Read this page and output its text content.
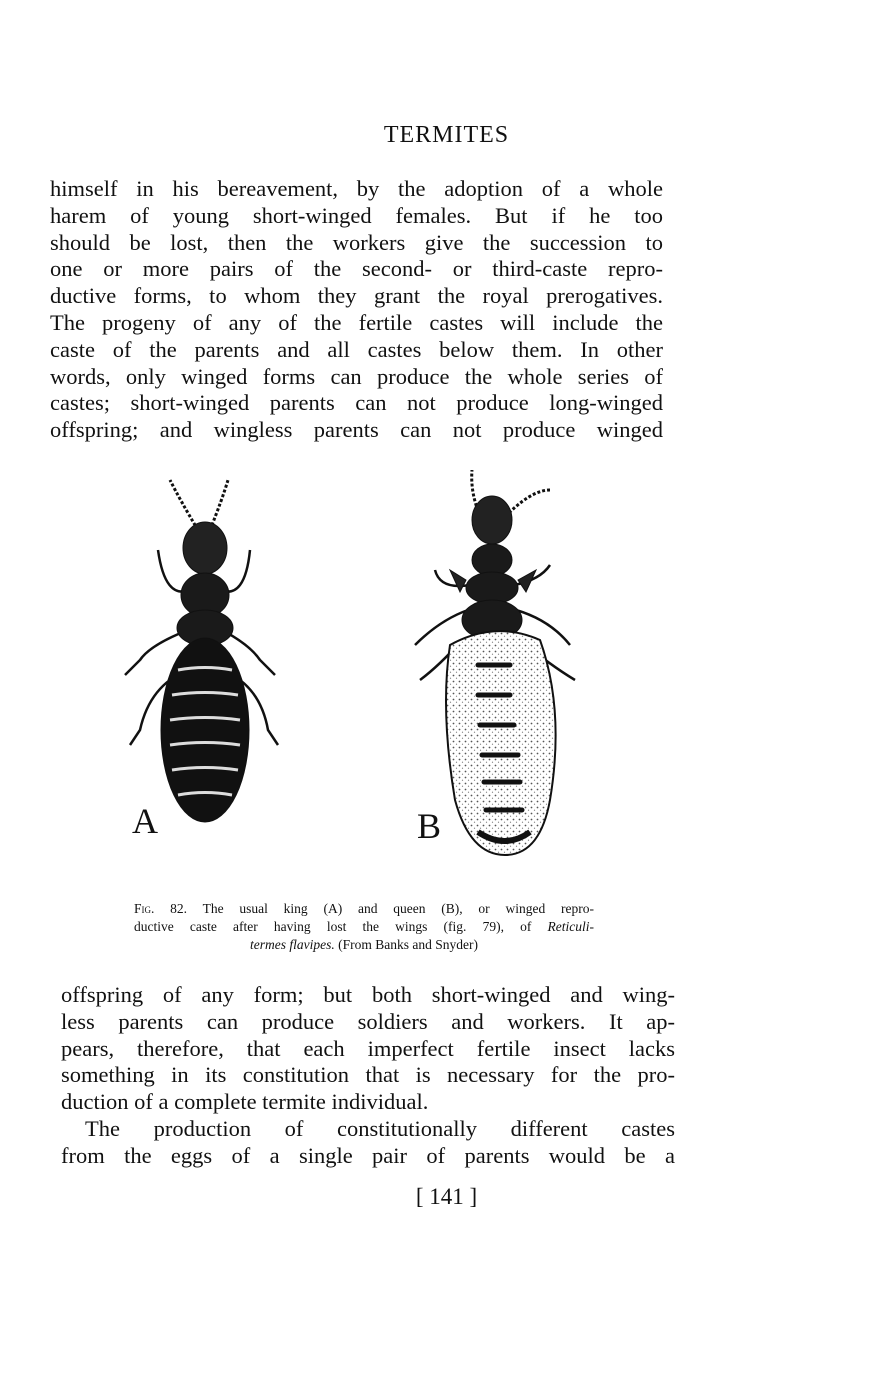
TERMITES
himself in his bereavement, by the adoption of a whole
harem of young short-winged females. But if he too
should be lost, then the workers give the succession to
one or more pairs of the second- or third-caste repro-
ductive forms, to whom they grant the royal prerogatives.
The progeny of any of the fertile castes will include the
caste of the parents and all castes below them. In other
words, only winged forms can produce the whole series of
castes; short-winged parents can not produce long-winged
offspring; and wingless parents can not produce winged
A	B
Fig. 82. The usual king (A) and queen (B), or winged repro-
ductive caste after having lost the wings (fig. 79), of Reticuli-
termes flavipes. (From Banks and Snyder)
offspring of any form; but both short-winged and wing-
less parents can produce soldiers and workers. It ap-
pears, therefore, that each imperfect fertile insect lacks
something in its constitution that is necessary for the pro-
duction of a complete termite individual.
The production of constitutionally different castes
from the eggs of a single pair of parents would be a
[ 141 ]
